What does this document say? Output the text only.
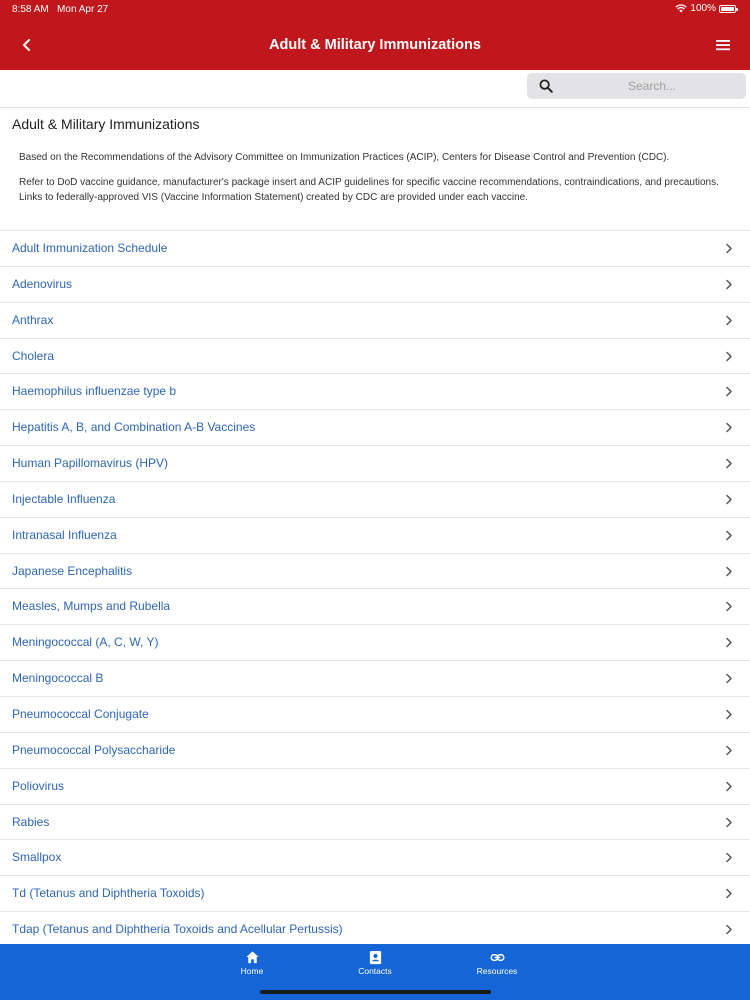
8:58 AM Mon Apr 27	100%
Adult & Military Immunizations
Search...
Adult & Military Immunizations

Based on the Recommendations of the Advisory Committee on Immunization Practices (ACIP), Centers for Disease Control and Prevention (CDC).

Refer to DoD vaccine guidance, manufacturer's package insert and ACIP guidelines for specific vaccine recommendations, contraindications, and precautions. Links to federally-approved VIS (Vaccine Information Statement) created by CDC are provided under each vaccine.

Adult Immunization Schedule
Adenovirus
Anthrax
Cholera
Haemophilus influenzae type b
Hepatitis A, B, and Combination A-B Vaccines
Human Papillomavirus (HPV)
Injectable Influenza
Intranasal Influenza
Japanese Encephalitis
Measles, Mumps and Rubella
Meningococcal (A, C, W, Y)
Meningococcal B
Pneumococcal Conjugate
Pneumococcal Polysaccharide
Poliovirus
Rabies
Smallpox
Td (Tetanus and Diphtheria Toxoids)
Tdap (Tetanus and Diphtheria Toxoids and Acellular Pertussis)
Home	Contacts	Resources
